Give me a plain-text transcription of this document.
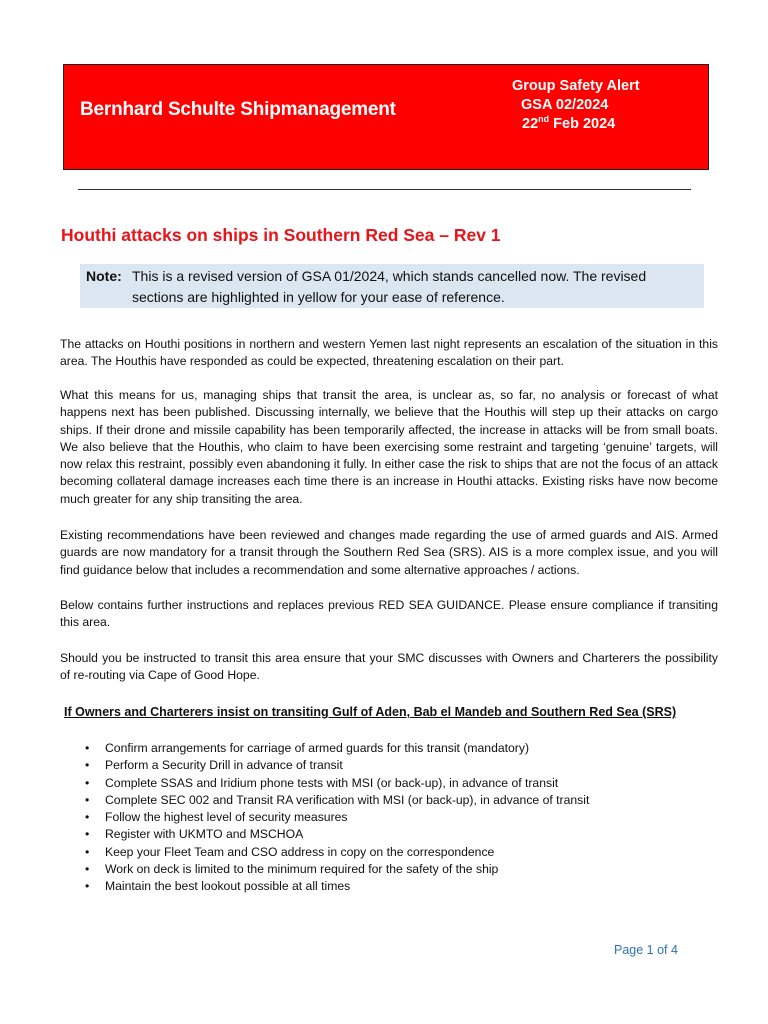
Bernhard Schulte Shipmanagement
Group Safety Alert
GSA 02/2024
22nd Feb 2024
Houthi attacks on ships in Southern Red Sea – Rev 1
Note: This is a revised version of GSA 01/2024, which stands cancelled now. The revised sections are highlighted in yellow for your ease of reference.
The attacks on Houthi positions in northern and western Yemen last night represents an escalation of the situation in this area. The Houthis have responded as could be expected, threatening escalation on their part.
What this means for us, managing ships that transit the area, is unclear as, so far, no analysis or forecast of what happens next has been published. Discussing internally, we believe that the Houthis will step up their attacks on cargo ships. If their drone and missile capability has been temporarily affected, the increase in attacks will be from small boats. We also believe that the Houthis, who claim to have been exercising some restraint and targeting ‘genuine’ targets, will now relax this restraint, possibly even abandoning it fully. In either case the risk to ships that are not the focus of an attack becoming collateral damage increases each time there is an increase in Houthi attacks. Existing risks have now become much greater for any ship transiting the area.
Existing recommendations have been reviewed and changes made regarding the use of armed guards and AIS. Armed guards are now mandatory for a transit through the Southern Red Sea (SRS). AIS is a more complex issue, and you will find guidance below that includes a recommendation and some alternative approaches / actions.
Below contains further instructions and replaces previous RED SEA GUIDANCE. Please ensure compliance if transiting this area.
Should you be instructed to transit this area ensure that your SMC discusses with Owners and Charterers the possibility of re-routing via Cape of Good Hope.
If Owners and Charterers insist on transiting Gulf of Aden, Bab el Mandeb and Southern Red Sea (SRS)
• Confirm arrangements for carriage of armed guards for this transit (mandatory)
• Perform a Security Drill in advance of transit
• Complete SSAS and Iridium phone tests with MSI (or back-up), in advance of transit
• Complete SEC 002 and Transit RA verification with MSI (or back-up), in advance of transit
• Follow the highest level of security measures
• Register with UKMTO and MSCHOA
• Keep your Fleet Team and CSO address in copy on the correspondence
• Work on deck is limited to the minimum required for the safety of the ship
• Maintain the best lookout possible at all times
Page 1 of 4
